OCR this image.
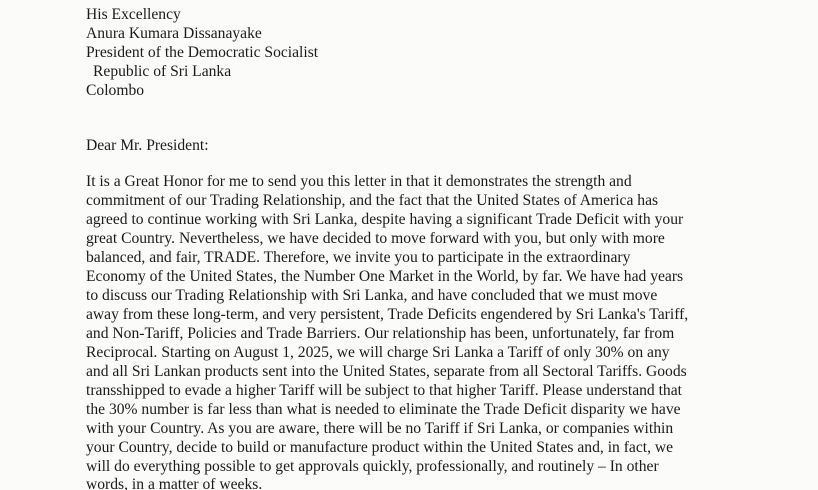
His Excellency
Anura Kumara Dissanayake
President of the Democratic Socialist
Republic of Sri Lanka
Colombo
Dear Mr. President:
It is a Great Honor for me to send you this letter in that it demonstrates the strength and
commitment of our Trading Relationship, and the fact that the United States of America has
agreed to continue working with Sri Lanka, despite having a significant Trade Deficit with your
great Country. Nevertheless, we have decided to move forward with you, but only with more
balanced, and fair, TRADE. Therefore, we invite you to participate in the extraordinary
Economy of the United States, the Number One Market in the World, by far. We have had years
to discuss our Trading Relationship with Sri Lanka, and have concluded that we must move
away from these long-term, and very persistent, Trade Deficits engendered by Sri Lanka's Tariff,
and Non-Tariff, Policies and Trade Barriers. Our relationship has been, unfortunately, far from
Reciprocal. Starting on August 1, 2025, we will charge Sri Lanka a Tariff of only 30% on any
and all Sri Lankan products sent into the United States, separate from all Sectoral Tariffs. Goods
transshipped to evade a higher Tariff will be subject to that higher Tariff. Please understand that
the 30% number is far less than what is needed to eliminate the Trade Deficit disparity we have
with your Country. As you are aware, there will be no Tariff if Sri Lanka, or companies within
your Country, decide to build or manufacture product within the United States and, in fact, we
will do everything possible to get approvals quickly, professionally, and routinely – In other
words, in a matter of weeks.
